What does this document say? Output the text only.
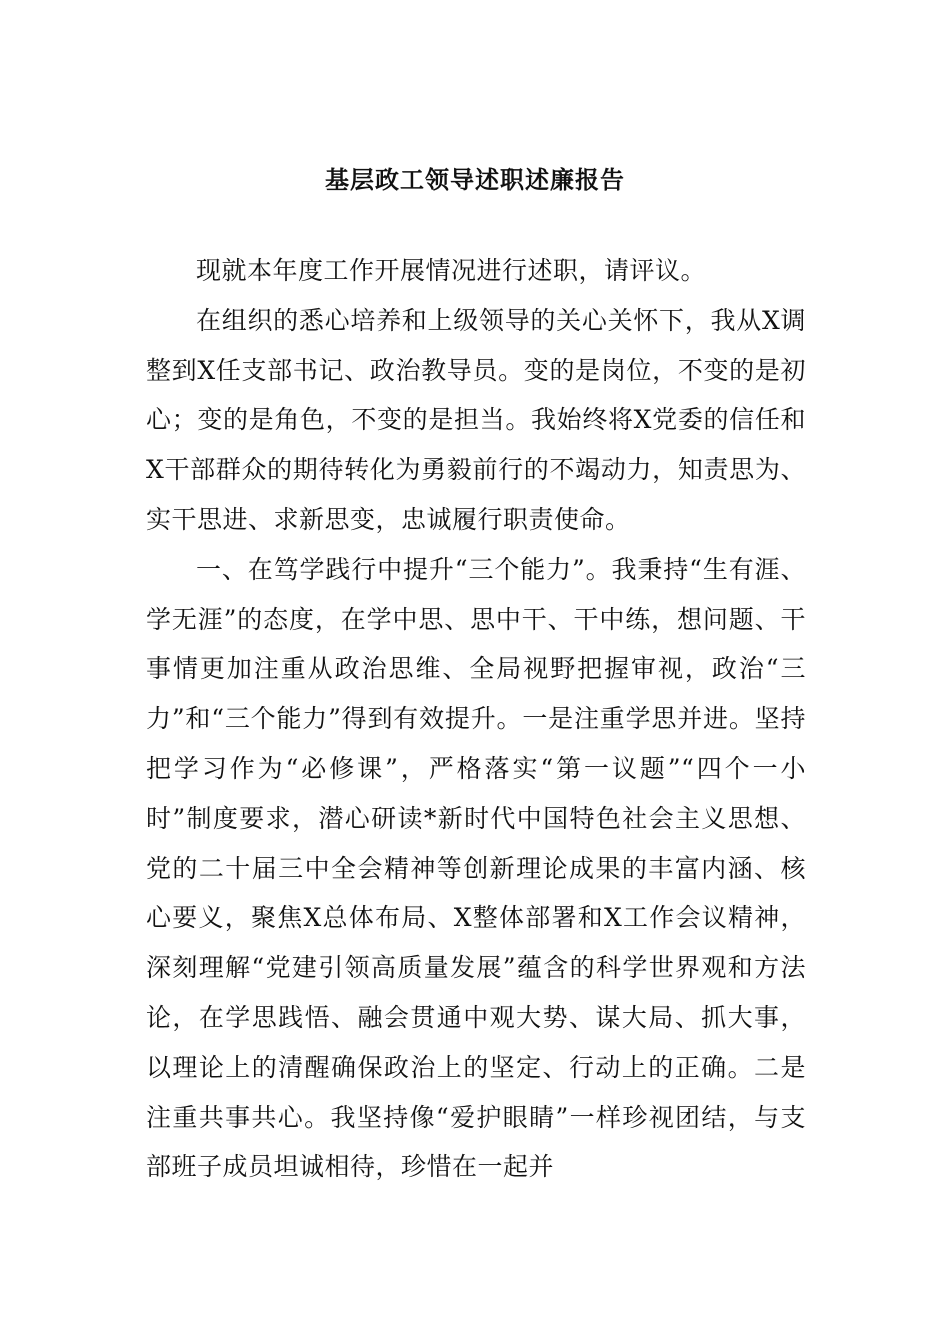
基层政工领导述职述廉报告

现就本年度工作开展情况进行述职，请评议。

在组织的悉心培养和上级领导的关心关怀下，我从X调整到X任支部书记、政治教导员。变的是岗位，不变的是初心；变的是角色，不变的是担当。我始终将X党委的信任和X干部群众的期待转化为勇毅前行的不竭动力，知责思为、实干思进、求新思变，忠诚履行职责使命。

一、在笃学践行中提升“三个能力”。我秉持“生有涯、学无涯”的态度，在学中思、思中干、干中练，想问题、干事情更加注重从政治思维、全局视野把握审视，政治“三力”和“三个能力”得到有效提升。一是注重学思并进。坚持把学习作为“必修课”，严格落实“第一议题”“四个一小时”制度要求，潜心研读*新时代中国特色社会主义思想、党的二十届三中全会精神等创新理论成果的丰富内涵、核心要义，聚焦X总体布局、X整体部署和X工作会议精神，深刻理解“党建引领高质量发展”蕴含的科学世界观和方法论，在学思践悟、融会贯通中观大势、谋大局、抓大事，以理论上的清醒确保政治上的坚定、行动上的正确。二是注重共事共心。我坚持像“爱护眼睛”一样珍视团结，与支部班子成员坦诚相待，珍惜在一起并
